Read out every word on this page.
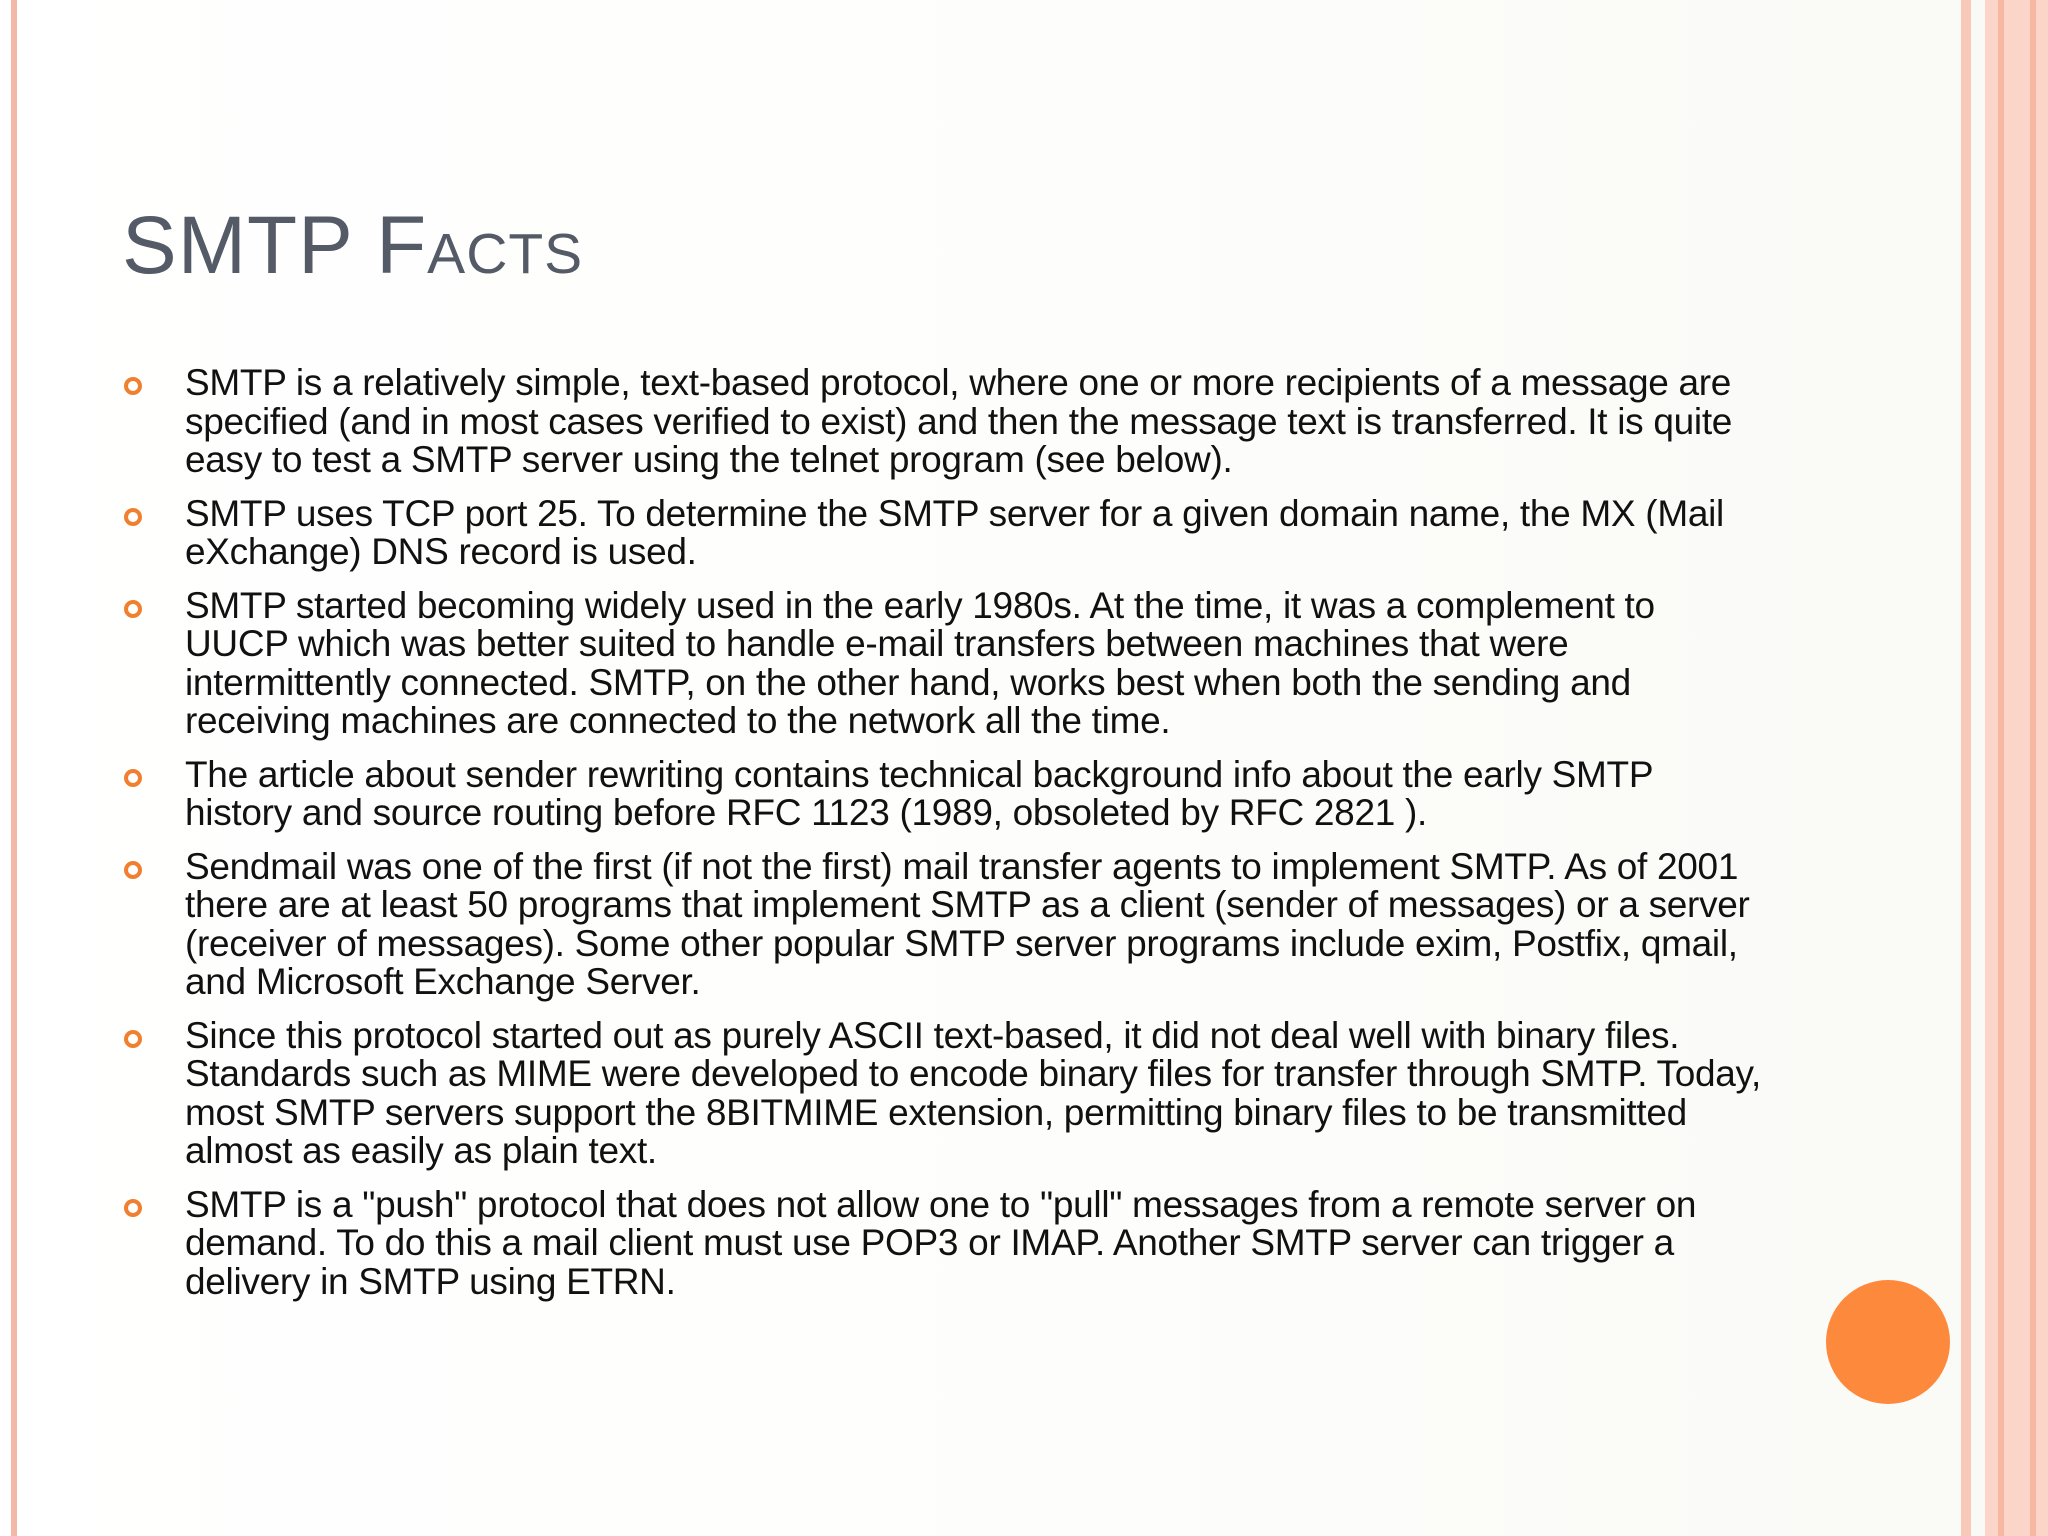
SMTP Facts
SMTP is a relatively simple, text-based protocol, where one or more recipients of a message are specified (and in most cases verified to exist) and then the message text is transferred. It is quite easy to test a SMTP server using the telnet program (see below).
SMTP uses TCP port 25. To determine the SMTP server for a given domain name, the MX (Mail eXchange) DNS record is used.
SMTP started becoming widely used in the early 1980s. At the time, it was a complement to UUCP which was better suited to handle e-mail transfers between machines that were intermittently connected. SMTP, on the other hand, works best when both the sending and receiving machines are connected to the network all the time.
The article about sender rewriting contains technical background info about the early SMTP history and source routing before RFC 1123 (1989, obsoleted by RFC 2821 ).
Sendmail was one of the first (if not the first) mail transfer agents to implement SMTP. As of 2001 there are at least 50 programs that implement SMTP as a client (sender of messages) or a server (receiver of messages). Some other popular SMTP server programs include exim, Postfix, qmail, and Microsoft Exchange Server.
Since this protocol started out as purely ASCII text-based, it did not deal well with binary files. Standards such as MIME were developed to encode binary files for transfer through SMTP. Today, most SMTP servers support the 8BITMIME extension, permitting binary files to be transmitted almost as easily as plain text.
SMTP is a "push" protocol that does not allow one to "pull" messages from a remote server on demand. To do this a mail client must use POP3 or IMAP. Another SMTP server can trigger a delivery in SMTP using ETRN.
